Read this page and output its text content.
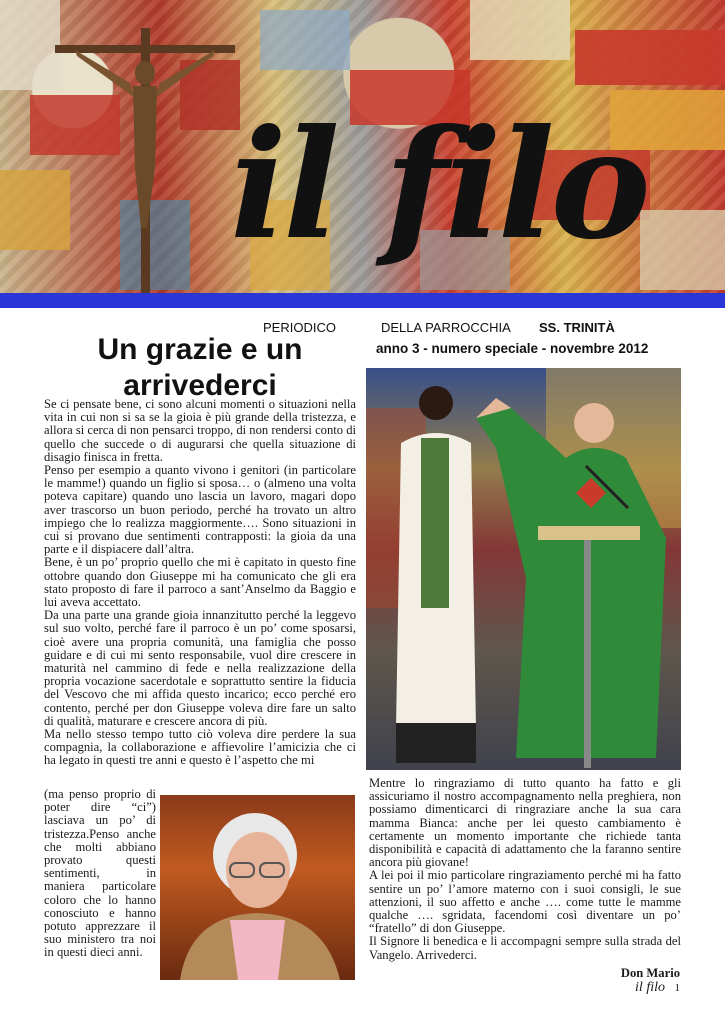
il filo
PERIODICO	DELLA PARROCCHIA SS. TRINITÀ
anno 3 - numero speciale - novembre 2012
Un grazie e un arrivederci

Se ci pensate bene, ci sono alcuni momenti o situazioni nella vita in cui non si sa se la gioia è più grande della tristezza, e allora si cerca di non pensarci troppo, di non rendersi conto di quello che succede o di augurarsi che quella situazione di disagio finisca in fretta.

Penso per esempio a quanto vivono i genitori (in particolare le mamme!) quando un figlio si sposa… o (almeno una volta poteva capitare) quando uno lascia un lavoro, magari dopo aver trascorso un buon periodo, perché ha trovato un altro impiego che lo realizza maggiormente…. Sono situazioni in cui si provano due sentimenti contrapposti: la gioia da una parte e il dispiacere dall’altra.

Bene, è un po’ proprio quello che mi è capitato in questo fine ottobre quando don Giuseppe mi ha comunicato che gli era stato proposto di fare il parroco a sant’Anselmo da Baggio e lui aveva accettato.

Da una parte una grande gioia innanzitutto perché la leggevo sul suo volto, perché fare il parroco è un po’ come sposarsi, cioè avere una propria comunità, una famiglia che posso guidare e di cui mi sento responsabile, vuol dire crescere in maturità nel cammino di fede e nella realizzazione della propria vocazione sacerdotale e soprattutto sentire la fiducia del Vescovo che mi affida questo incarico; ecco perché ero contento, perché per don Giuseppe voleva dire fare un salto di qualità, maturare e crescere ancora di più.

Ma nello stesso tempo tutto ciò voleva dire perdere la sua compagnia, la collaborazione e affievolire l’amicizia che ci ha legato in questi tre anni e questo è l’aspetto che mi

(ma penso proprio di poter dire “ci”) lasciava un po’ di tristezza.Penso anche che molti abbiano provato questi sentimenti, in maniera particolare coloro che lo hanno conosciuto e hanno potuto apprezzare il suo ministero tra noi in questi dieci anni.

Mentre lo ringraziamo di tutto quanto ha fatto e gli assicuriamo il nostro accompagnamento nella preghiera, non possiamo dimenticarci di ringraziare anche la sua cara mamma Bianca: anche per lei questo cambiamento è certamente un momento importante che richiede tanta disponibilità e capacità di adattamento che la faranno sentire ancora più giovane!

A lei poi il mio particolare ringraziamento perché mi ha fatto sentire un po’ l’amore materno con i suoi consigli, le sue attenzioni, il suo affetto e anche …. come tutte le mamme qualche …. sgridata, facendomi così diventare un po’ “fratello” di don Giuseppe.

Il Signore li benedica e li accompagni sempre sulla strada del Vangelo. Arrivederci.

Don Mario
il filo 1
